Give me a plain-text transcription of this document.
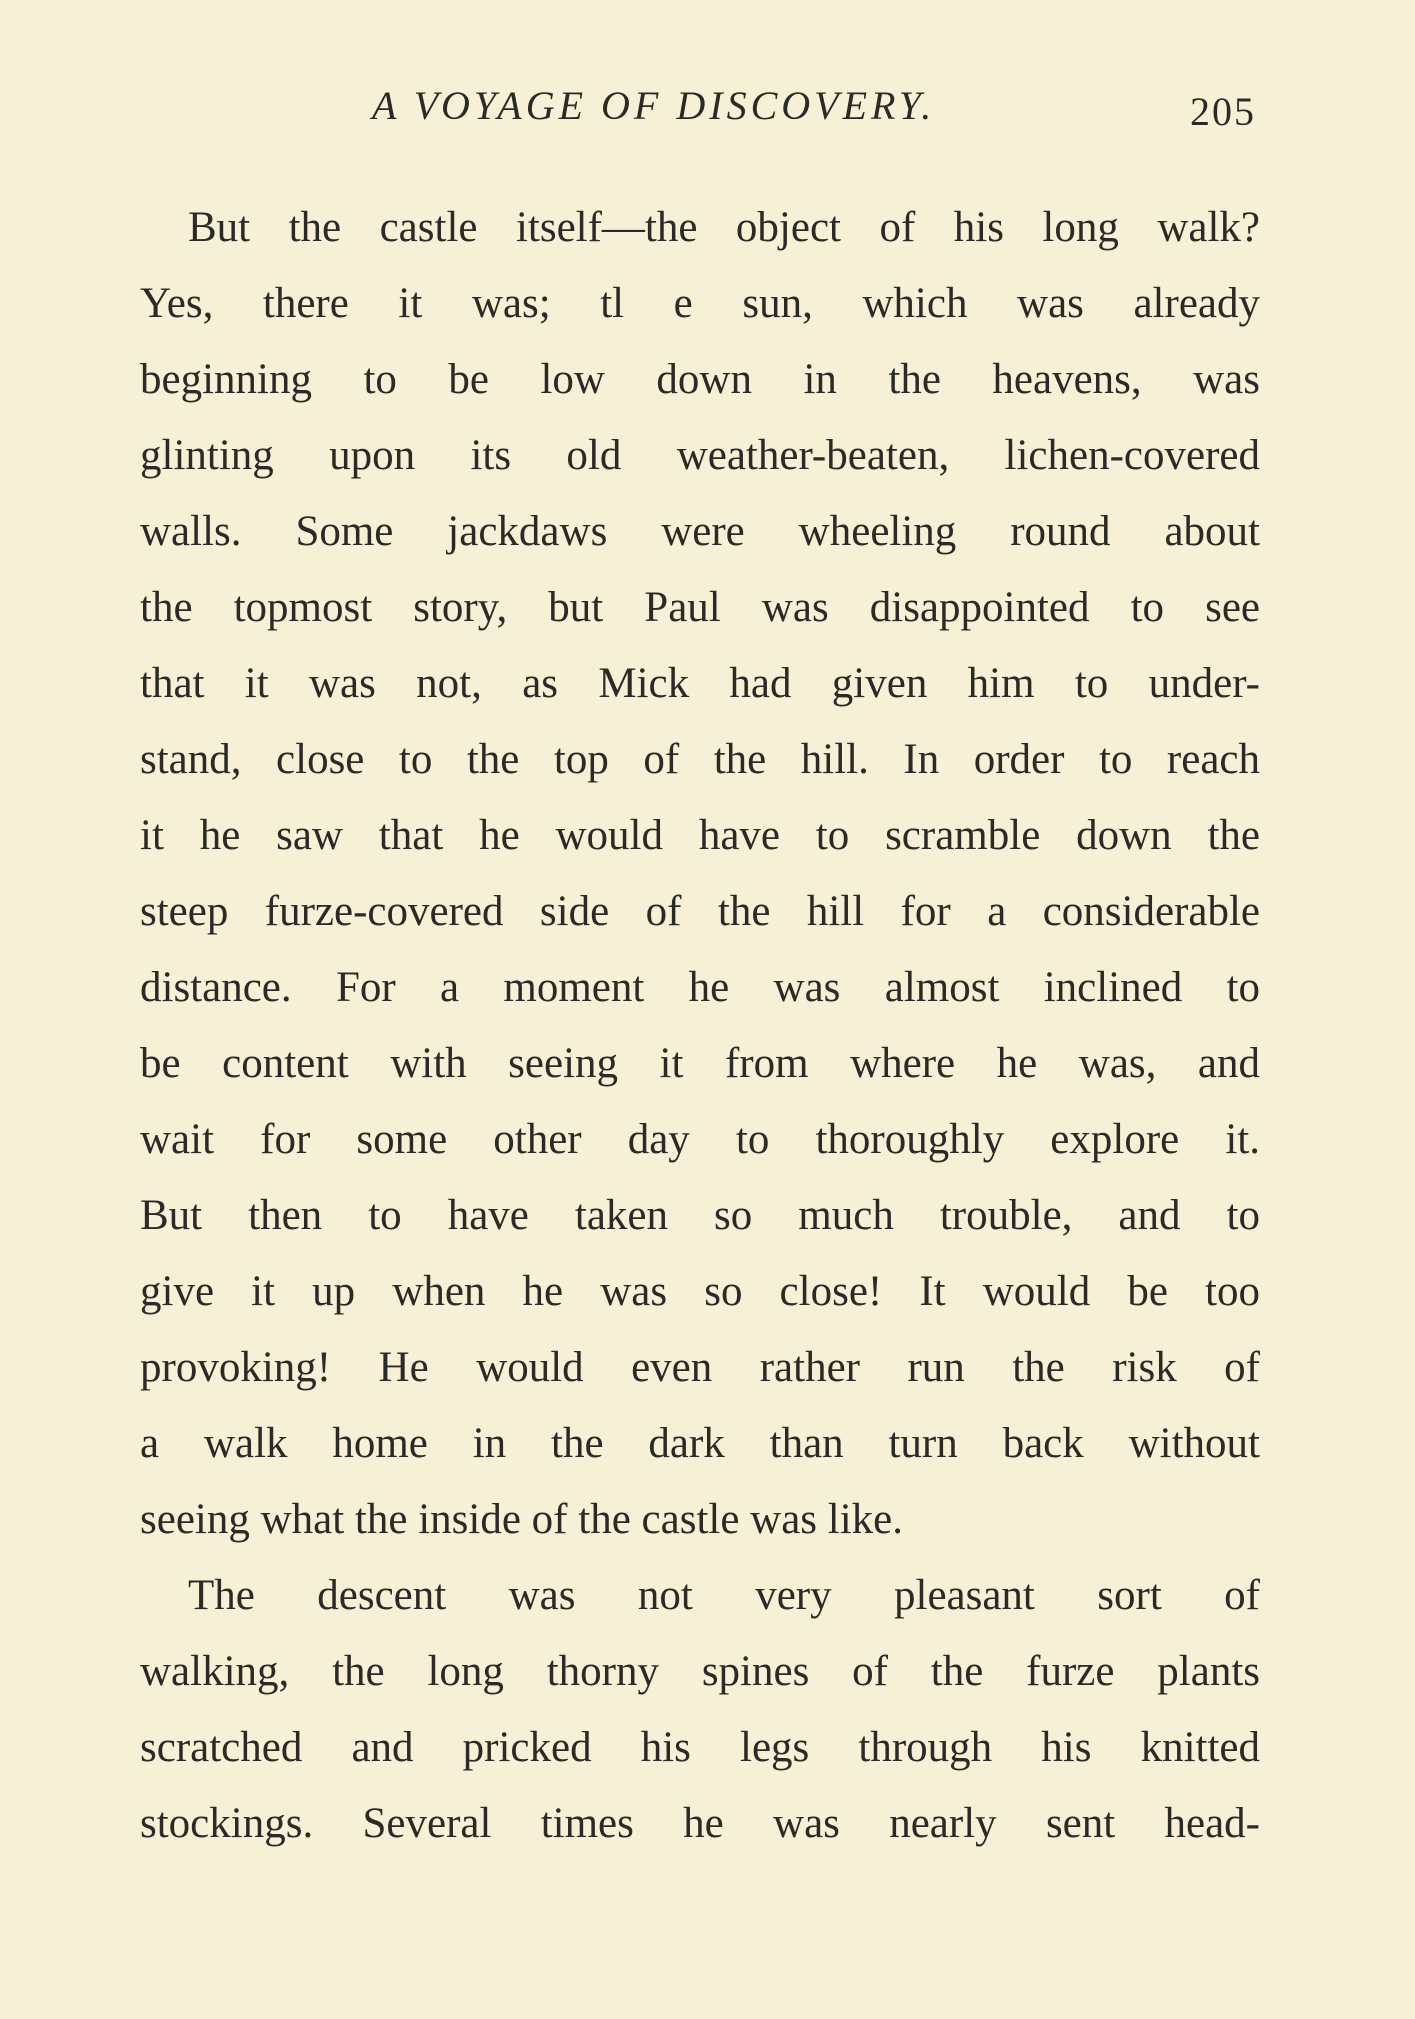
A VOYAGE OF DISCOVERY.	205
But the castle itself—the object of his long walk?
Yes, there it was; tl e sun, which was already
beginning to be low down in the heavens, was
glinting upon its old weather-beaten, lichen-covered
walls. Some jackdaws were wheeling round about
the topmost story, but Paul was disappointed to see
that it was not, as Mick had given him to under-
stand, close to the top of the hill. In order to reach
it he saw that he would have to scramble down the
steep furze-covered side of the hill for a considerable
distance. For a moment he was almost inclined to
be content with seeing it from where he was, and
wait for some other day to thoroughly explore it.
But then to have taken so much trouble, and to
give it up when he was so close! It would be too
provoking! He would even rather run the risk of
a walk home in the dark than turn back without
seeing what the inside of the castle was like.
The descent was not very pleasant sort of
walking, the long thorny spines of the furze plants
scratched and pricked his legs through his knitted
stockings. Several times he was nearly sent head-
